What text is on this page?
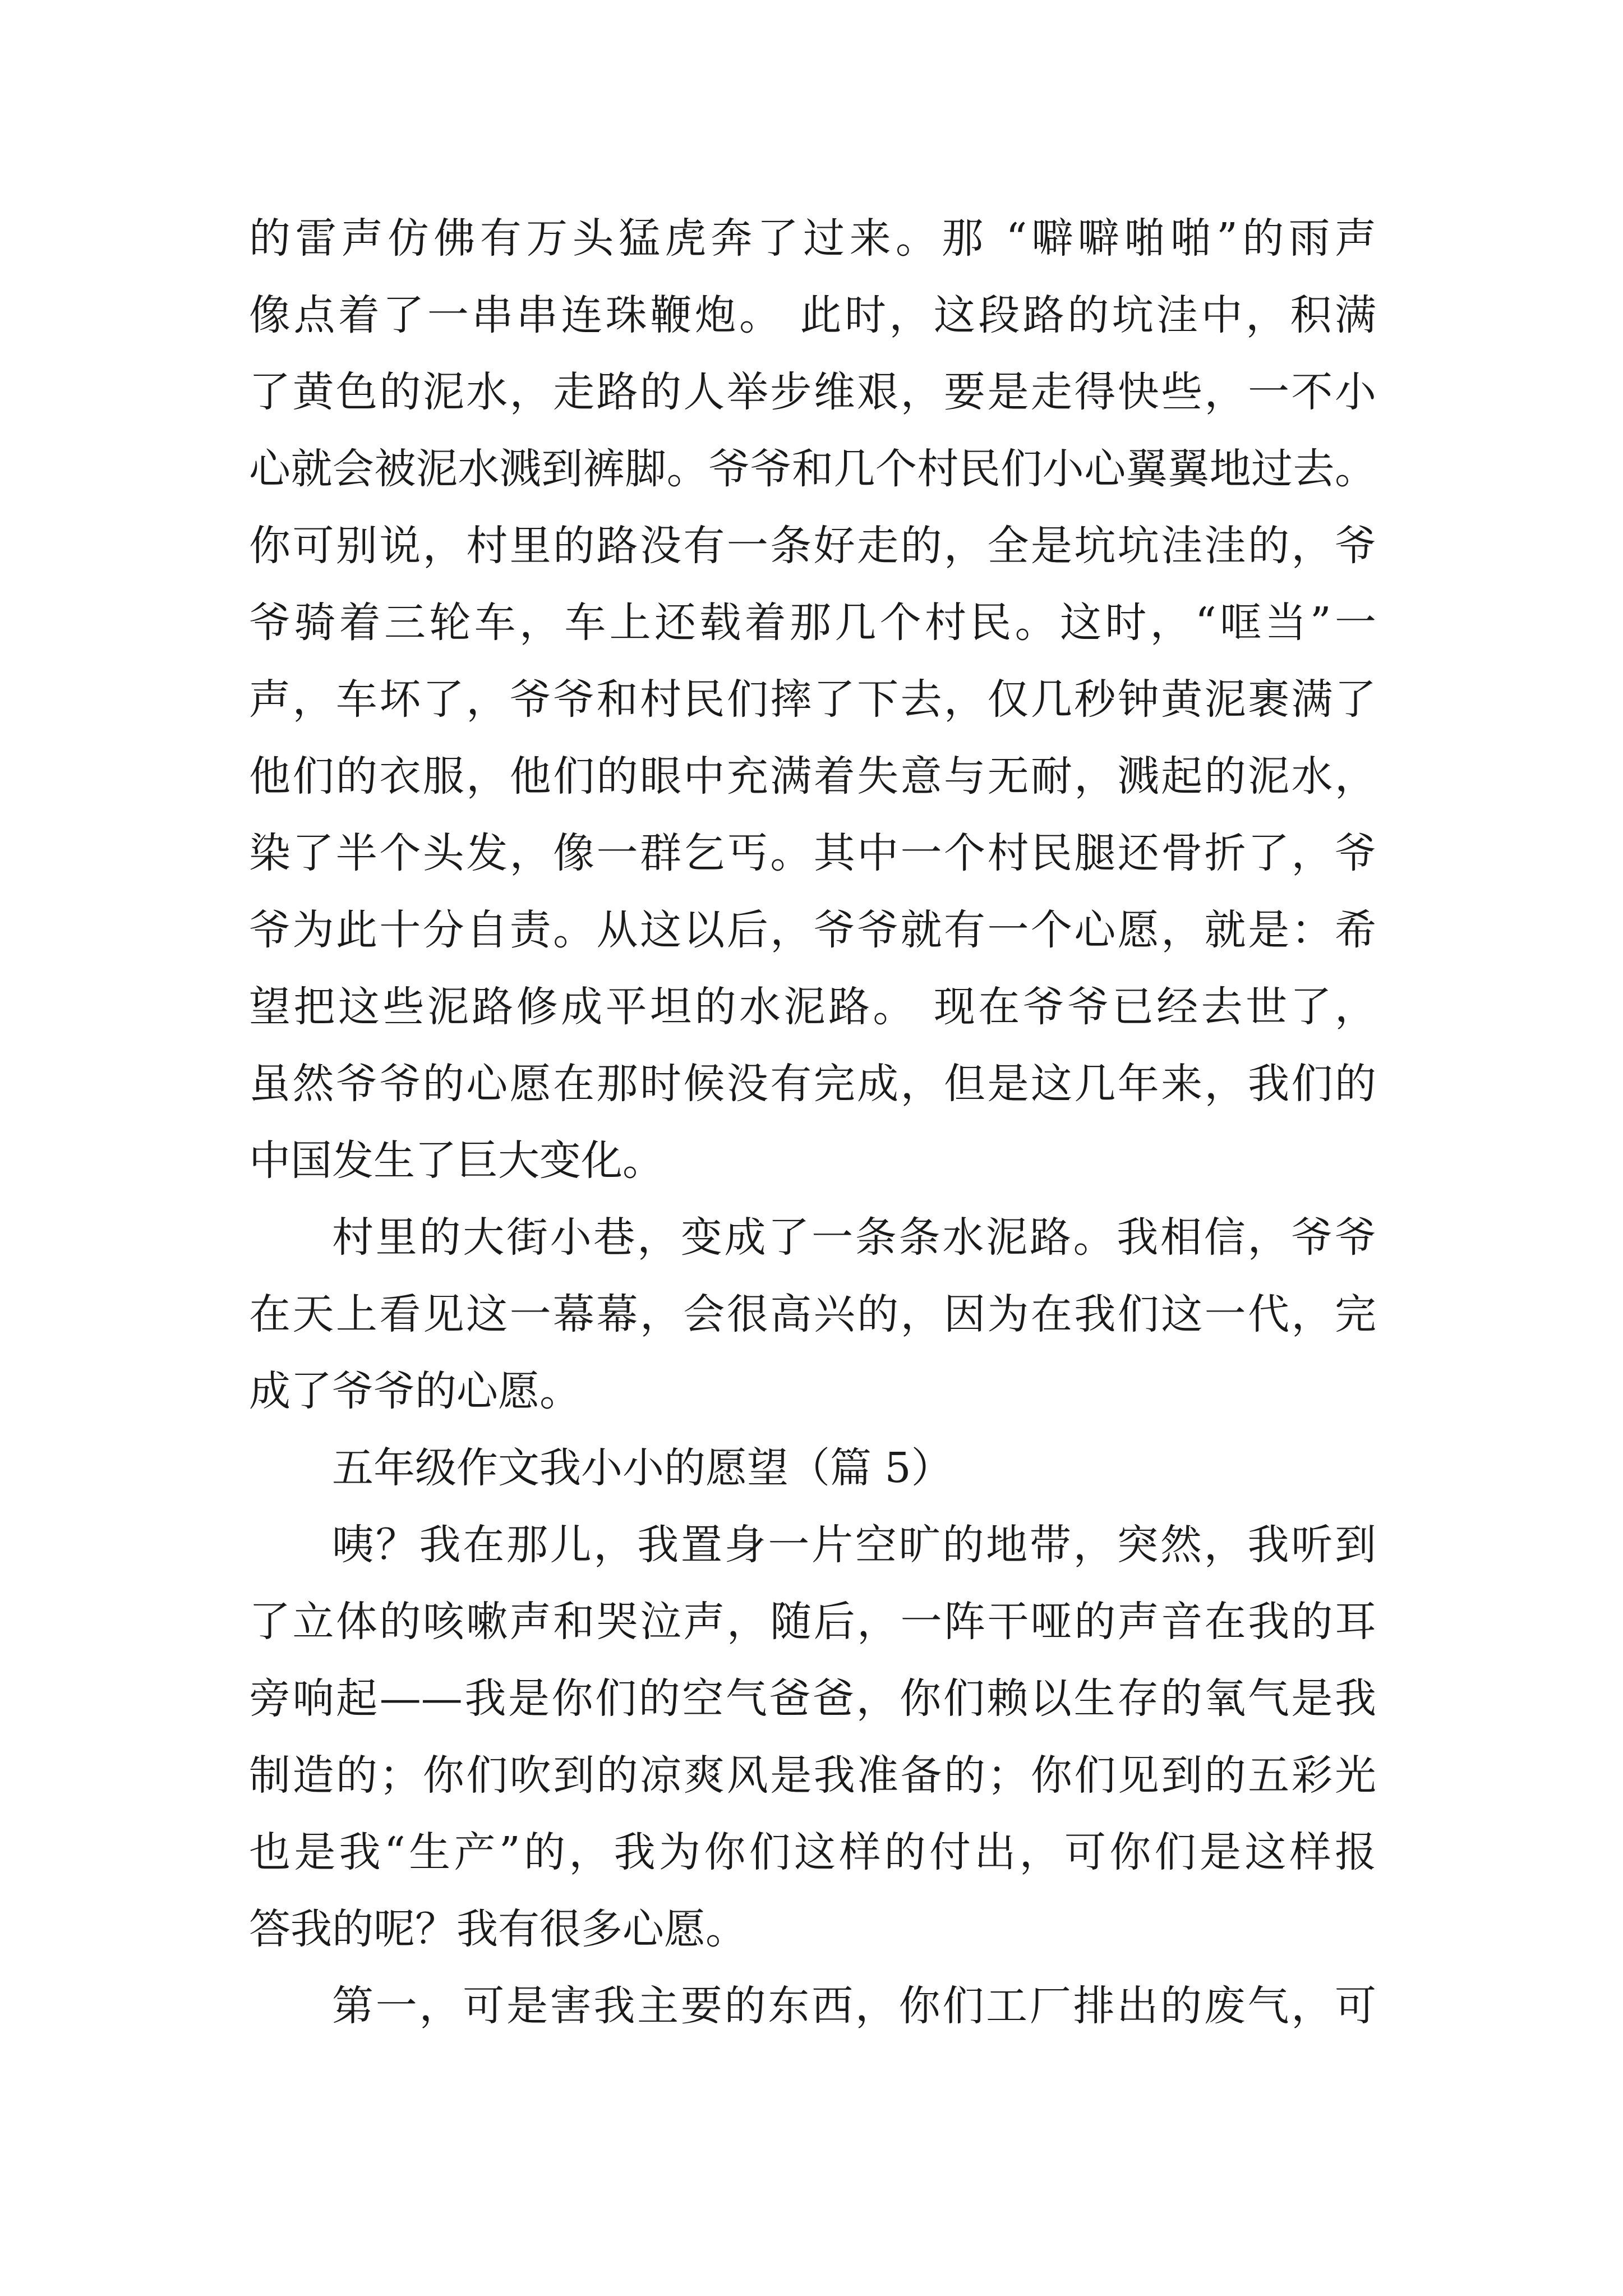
的雷声仿佛有万头猛虎奔了过来。那 “噼噼啪啪”的雨声

像点着了一串串连珠鞭炮。 此时，这段路的坑洼中，积满

了黄色的泥水，走路的人举步维艰，要是走得快些，一不小

心就会被泥水溅到裤脚。爷爷和几个村民们小心翼翼地过去。

你可别说，村里的路没有一条好走的，全是坑坑洼洼的，爷

爷骑着三轮车，车上还载着那几个村民。这时，“哐当”一

声，车坏了，爷爷和村民们摔了下去，仅几秒钟黄泥裹满了

他们的衣服，他们的眼中充满着失意与无耐，溅起的泥水，

染了半个头发，像一群乞丐。其中一个村民腿还骨折了，爷

爷为此十分自责。从这以后，爷爷就有一个心愿，就是：希

望把这些泥路修成平坦的水泥路。 现在爷爷已经去世了，

虽然爷爷的心愿在那时候没有完成，但是这几年来，我们的

中国发生了巨大变化。

村里的大街小巷，变成了一条条水泥路。我相信，爷爷

在天上看见这一幕幕，会很高兴的，因为在我们这一代，完

成了爷爷的心愿。

五年级作文我小小的愿望（篇 5）

咦？我在那儿，我置身一片空旷的地带，突然，我听到

了立体的咳嗽声和哭泣声，随后，一阵干哑的声音在我的耳

旁响起——我是你们的空气爸爸，你们赖以生存的氧气是我

制造的；你们吹到的凉爽风是我准备的；你们见到的五彩光

也是我“生产”的，我为你们这样的付出，可你们是这样报

答我的呢？我有很多心愿。

第一，可是害我主要的东西，你们工厂排出的废气，可
